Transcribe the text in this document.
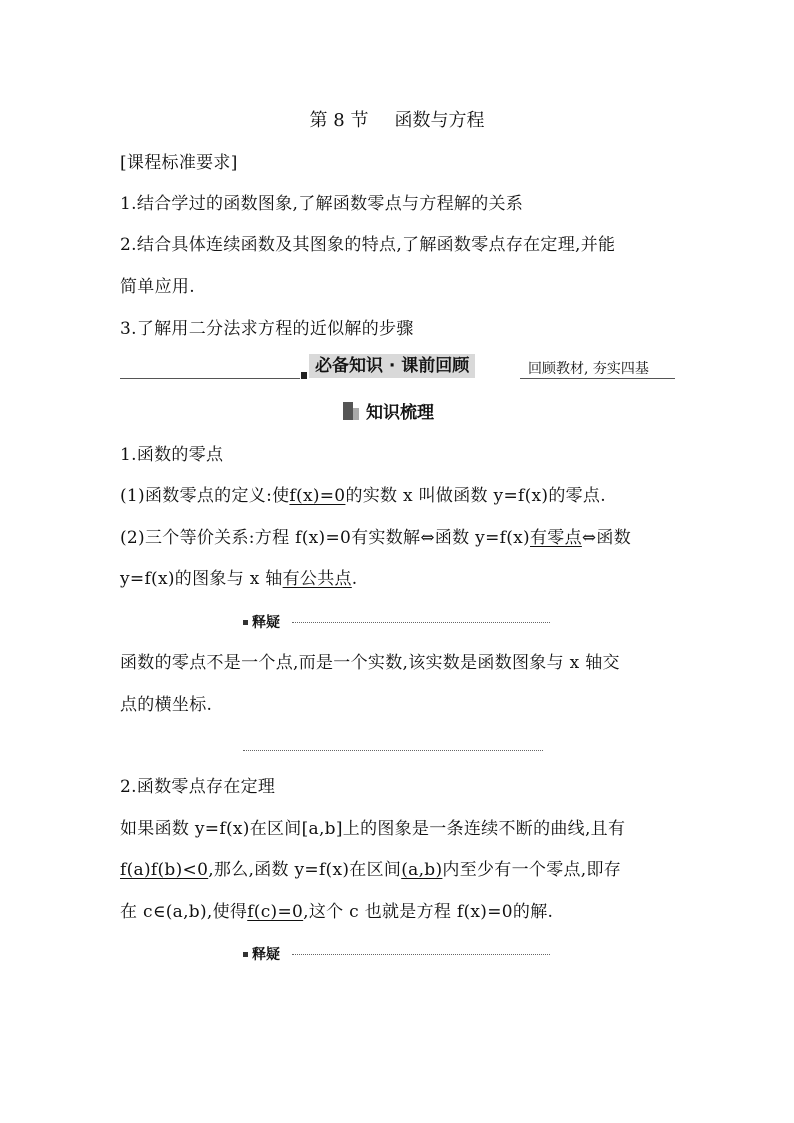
第 8 节 函数与方程
[课程标准要求]
1.结合学过的函数图象,了解函数零点与方程解的关系
2.结合具体连续函数及其图象的特点,了解函数零点存在定理,并能
简单应用.
3.了解用二分法求方程的近似解的步骤
必备知识 · 课前回顾	回顾教材, 夯实四基
知识梳理
1.函数的零点
(1)函数零点的定义:使f(x)=0的实数 x 叫做函数 y=f(x)的零点.
(2)三个等价关系:方程 f(x)=0有实数解⇔函数 y=f(x)有零点⇔函数
y=f(x)的图象与 x 轴有公共点.
释疑
函数的零点不是一个点,而是一个实数,该实数是函数图象与 x 轴交
点的横坐标.
2.函数零点存在定理
如果函数 y=f(x)在区间[a,b]上的图象是一条连续不断的曲线,且有
f(a)f(b)<0,那么,函数 y=f(x)在区间(a,b)内至少有一个零点,即存
在 c∈(a,b),使得f(c)=0,这个 c 也就是方程 f(x)=0的解.
释疑
